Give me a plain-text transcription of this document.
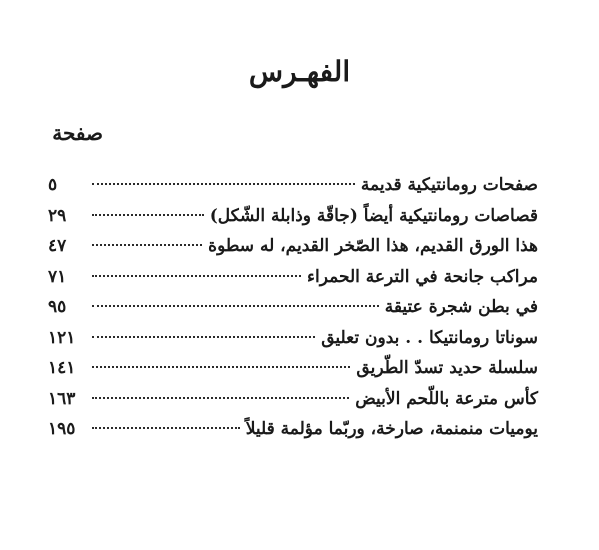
الفهـرس
صفحة
صفحات رومانتيكية قديمة
٥
قصاصات رومانتيكية أيضاً (جاقّة وذابلة الشّكل)
٢٩
هذا الورق القديم، هذا الصّخر القديم، له سطوة
٤٧
مراكب جانحة في الترعة الحمراء
٧١
في بطن شجرة عتيقة
٩٥
سوناتا رومانتيكا . . بدون تعليق
١٢١
سلسلة حديد تسدّ الطّريق
١٤١
كأس مترعة باللّحم الأبيض
١٦٣
يوميات منمنمة، صارخة، وربّما مؤلمة قليلاً
١٩٥
